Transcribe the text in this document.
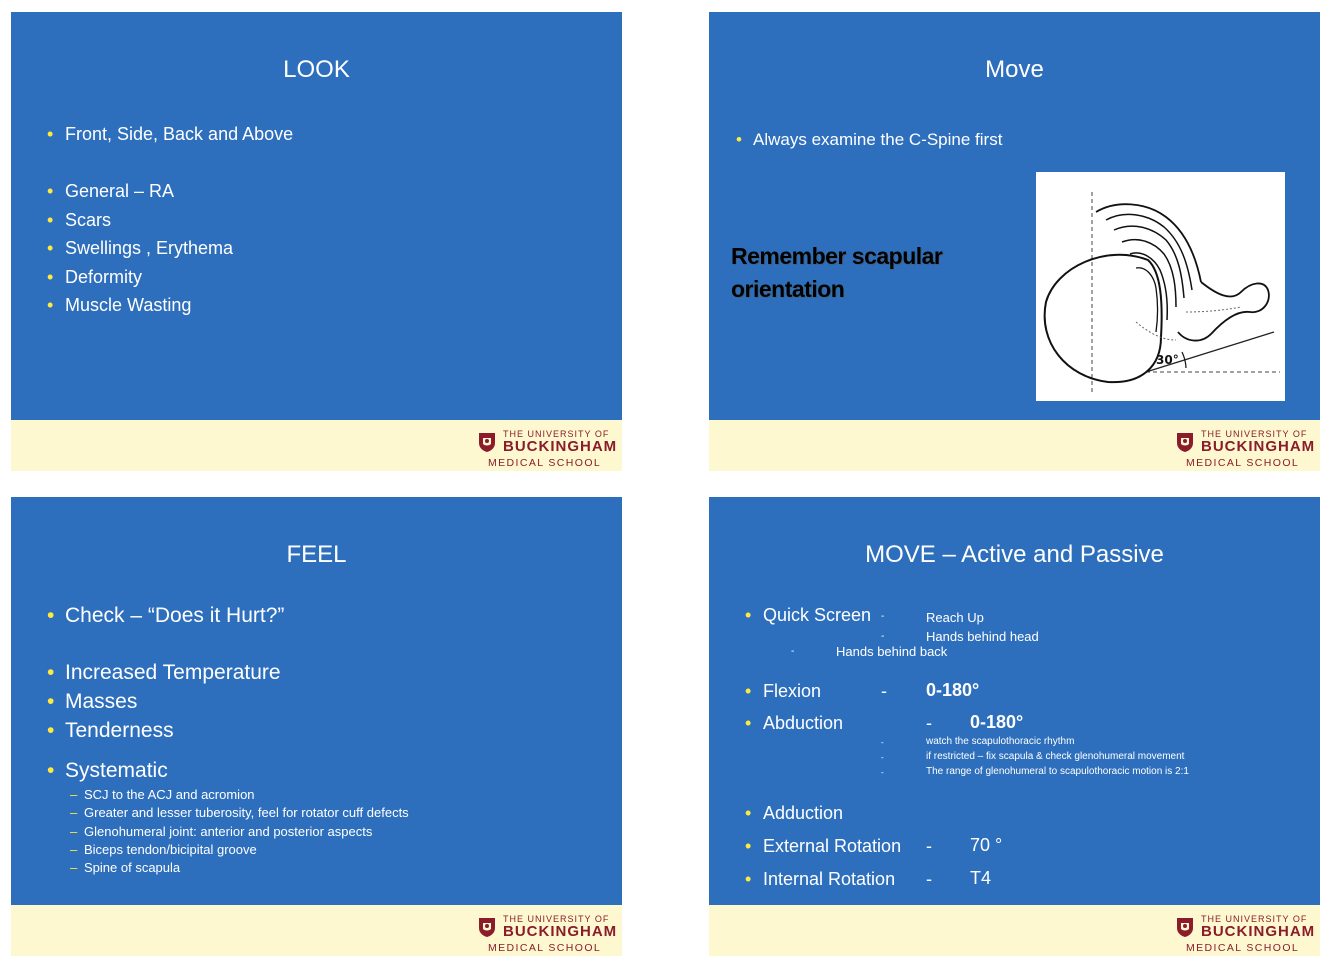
LOOK
• Front, Side, Back and Above
• General – RA
• Scars
• Swellings , Erythema
• Deformity
• Muscle Wasting
THE UNIVERSITY OF
BUCKINGHAM
MEDICAL SCHOOL
Move
• Always examine the C-Spine first
Remember scapular
orientation
30°
THE UNIVERSITY OF
BUCKINGHAM
MEDICAL SCHOOL
FEEL
• Check – “Does it Hurt?”
• Increased Temperature
• Masses
• Tenderness
• Systematic
– SCJ to the ACJ and acromion
– Greater and lesser tuberosity, feel for rotator cuff defects
– Glenohumeral joint: anterior and posterior aspects
– Biceps tendon/bicipital groove
– Spine of scapula
THE UNIVERSITY OF
BUCKINGHAM
MEDICAL SCHOOL
MOVE – Active and Passive
• Quick Screen -	Reach Up
-	Hands behind head
-	Hands behind back
• Flexion	- 0-180°
• Abduction	- 0-180°
-	watch the scapulothoracic rhythm
-	if restricted – fix scapula & check glenohumeral movement
-	The range of glenohumeral to scapulothoracic motion is 2:1
• Adduction
• External Rotation - 70 °
• Internal Rotation - T4
THE UNIVERSITY OF
BUCKINGHAM
MEDICAL SCHOOL
